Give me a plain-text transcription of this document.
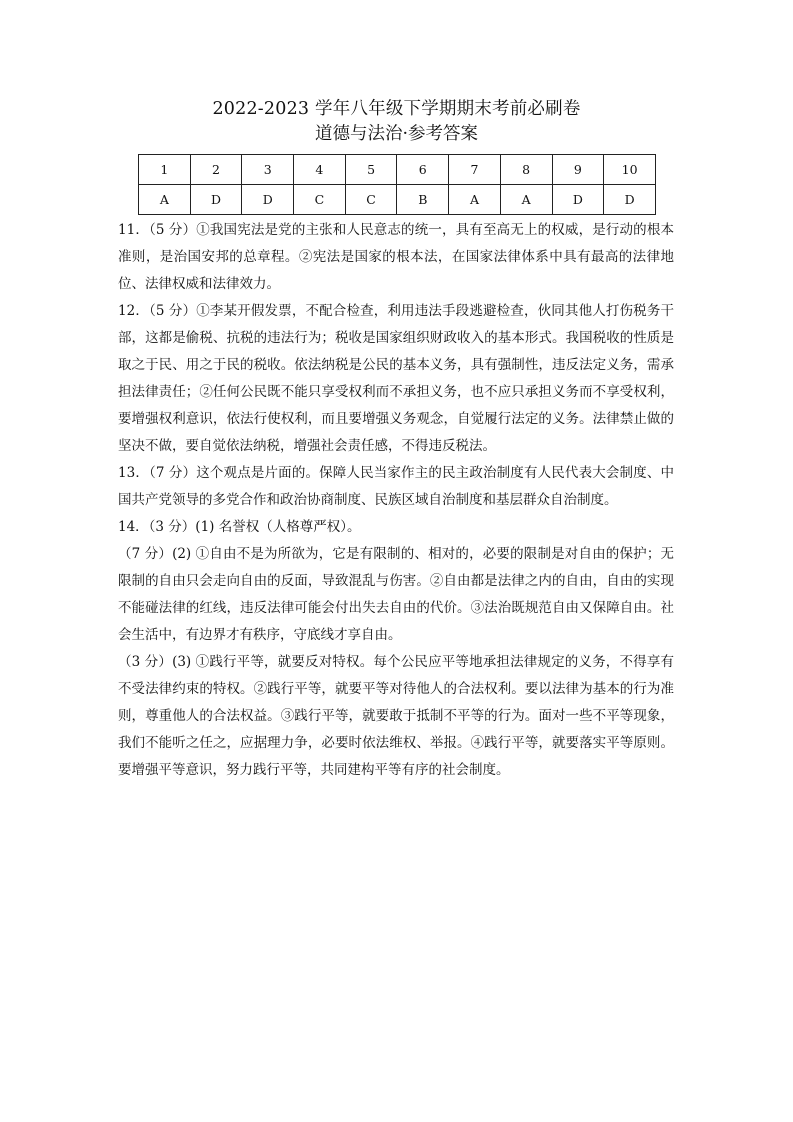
2022-2023 学年八年级下学期期末考前必刷卷
道德与法治·参考答案
1	2	3	4	5	6	7	8	9	10
A	D	D	C	C	B	A	A	D	D

11．（5 分）①我国宪法是党的主张和人民意志的统一，具有至高无上的权威，是行动的根本准则，是治国安邦的总章程。②宪法是国家的根本法，在国家法律体系中具有最高的法律地位、法律权威和法律效力。

12．（5 分）①李某开假发票，不配合检查，利用违法手段逃避检查，伙同其他人打伤税务干部，这都是偷税、抗税的违法行为；税收是国家组织财政收入的基本形式。我国税收的性质是取之于民、用之于民的税收。依法纳税是公民的基本义务，具有强制性，违反法定义务，需承担法律责任；②任何公民既不能只享受权利而不承担义务，也不应只承担义务而不享受权利，要增强权利意识，依法行使权利，而且要增强义务观念，自觉履行法定的义务。法律禁止做的坚决不做，要自觉依法纳税，增强社会责任感，不得违反税法。

13．（7 分）这个观点是片面的。保障人民当家作主的民主政治制度有人民代表大会制度、中国共产党领导的多党合作和政治协商制度、民族区域自治制度和基层群众自治制度。

14．（3 分）(1) 名誉权（人格尊严权）。

（7 分）(2) ①自由不是为所欲为，它是有限制的、相对的，必要的限制是对自由的保护；无限制的自由只会走向自由的反面，导致混乱与伤害。②自由都是法律之内的自由，自由的实现不能碰法律的红线，违反法律可能会付出失去自由的代价。③法治既规范自由又保障自由。社会生活中，有边界才有秩序，守底线才享自由。

（3 分）(3) ①践行平等，就要反对特权。每个公民应平等地承担法律规定的义务，不得享有不受法律约束的特权。②践行平等，就要平等对待他人的合法权利。要以法律为基本的行为准则，尊重他人的合法权益。③践行平等，就要敢于抵制不平等的行为。面对一些不平等现象，我们不能听之任之，应据理力争，必要时依法维权、举报。④践行平等，就要落实平等原则。要增强平等意识，努力践行平等，共同建构平等有序的社会制度。
